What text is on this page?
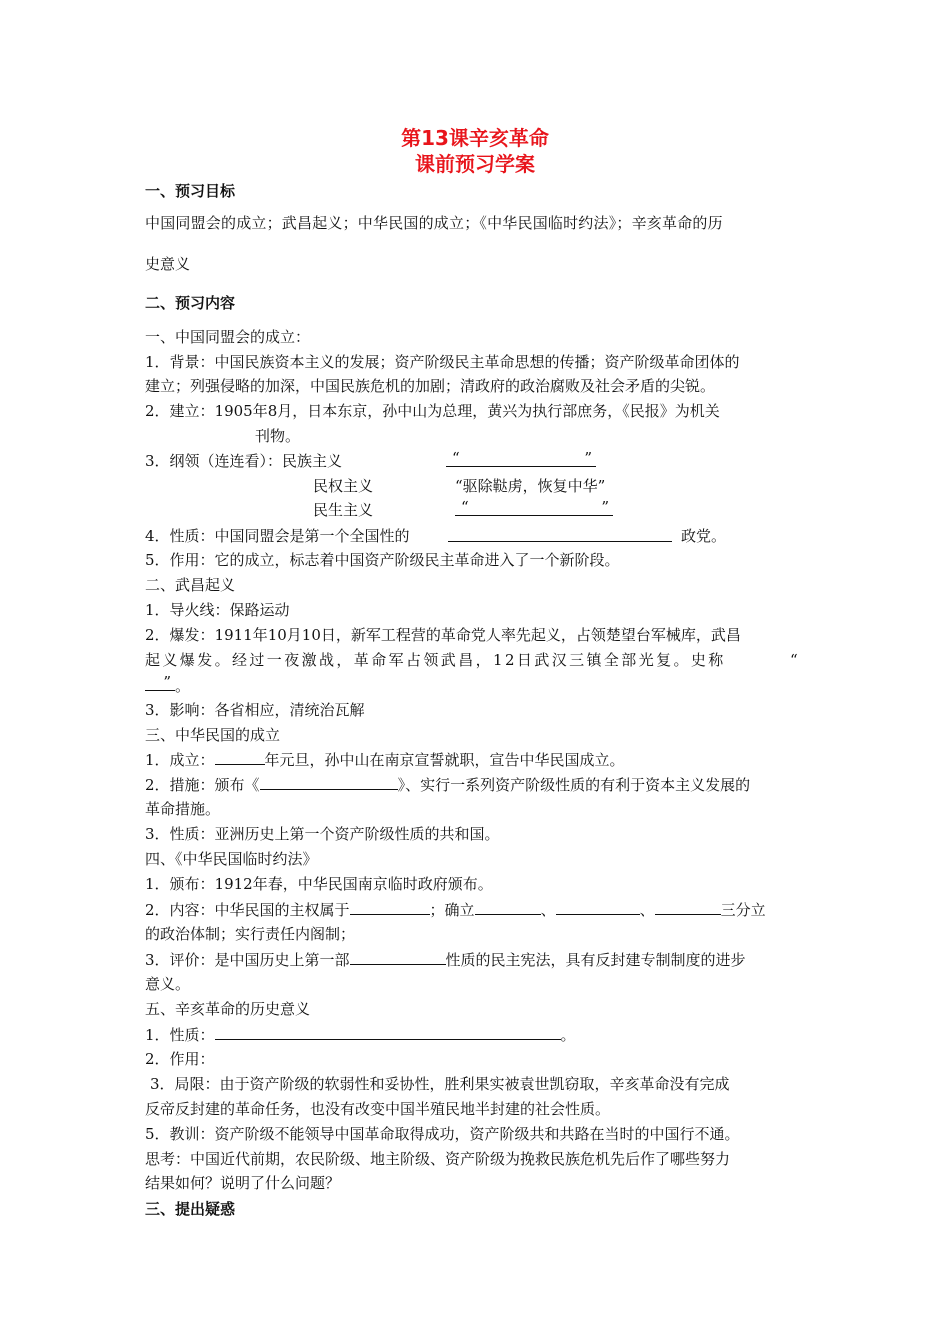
第13课辛亥革命
课前预习学案
一、预习目标
中国同盟会的成立；武昌起义；中华民国的成立；《中华民国临时约法》；辛亥革命的历
史意义
二、预习内容
一、中国同盟会的成立：
1．背景：中国民族资本主义的发展；资产阶级民主革命思想的传播；资产阶级革命团体的
建立；列强侵略的加深，中国民族危机的加剧；清政府的政治腐败及社会矛盾的尖锐。
2．建立：1905年8月，日本东京，孙中山为总理，黄兴为执行部庶务，《民报》为机关
刊物。
3．纲领（连连看）：民族主义	“	”
民权主义	“驱除鞑虏，恢复中华”
民生主义	“	”
4．性质：中国同盟会是第一个全国性的	政党。
5．作用：它的成立，标志着中国资产阶级民主革命进入了一个新阶段。
二、武昌起义
1．导火线：保路运动
2．爆发：1911年10月10日，新军工程营的革命党人率先起义，占领楚望台军械库，武昌
起义爆发。经过一夜激战，革命军占领武昌，12日武汉三镇全部光复。史称	“
” 。
3．影响：各省相应，清统治瓦解
三、中华民国的成立
1．成立：	年元旦，孙中山在南京宣誓就职，宣告中华民国成立。
2．措施：颁布《	》、实行一系列资产阶级性质的有利于资本主义发展的
革命措施。
3．性质：亚洲历史上第一个资产阶级性质的共和国。
四、《中华民国临时约法》
1．颁布：1912年春，中华民国南京临时政府颁布。
2．内容：中华民国的主权属于	；确立	、	、	三分立
的政治体制；实行责任内阁制；
3．评价：是中国历史上第一部	性质的民主宪法，具有反封建专制制度的进步
意义。
五、辛亥革命的历史意义
1．性质：	。
2．作用：
3．局限：由于资产阶级的软弱性和妥协性，胜利果实被袁世凯窃取，辛亥革命没有完成
反帝反封建的革命任务，也没有改变中国半殖民地半封建的社会性质。
5．教训：资产阶级不能领导中国革命取得成功，资产阶级共和共路在当时的中国行不通。
思考：中国近代前期，农民阶级、地主阶级、资产阶级为挽救民族危机先后作了哪些努力
结果如何？说明了什么问题？
三、提出疑惑
